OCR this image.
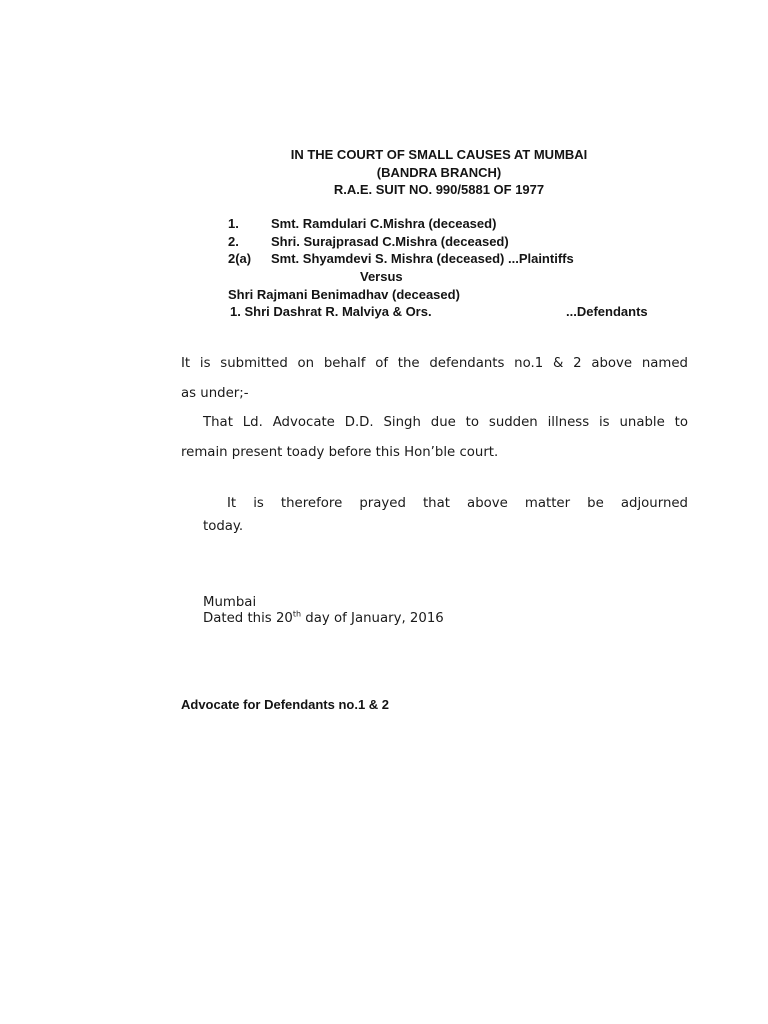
IN THE COURT OF SMALL CAUSES AT MUMBAI
(BANDRA BRANCH)
R.A.E. SUIT NO. 990/5881 OF 1977
1. Smt. Ramdulari C.Mishra (deceased)
2. Shri. Surajprasad C.Mishra (deceased)
2(a) Smt. Shyamdevi S. Mishra (deceased) ...Plaintiffs
Versus
Shri Rajmani Benimadhav (deceased)
1. Shri Dashrat R. Malviya & Ors.	...Defendants
It is submitted on behalf of the defendants no.1 & 2 above named
as under;-
That Ld. Advocate D.D. Singh due to sudden illness is unable to
remain present toady before this Hon’ble court.
It is therefore prayed that above matter be adjourned
today.
Mumbai
Dated this 20th day of January, 2016
Advocate for Defendants no.1 & 2
